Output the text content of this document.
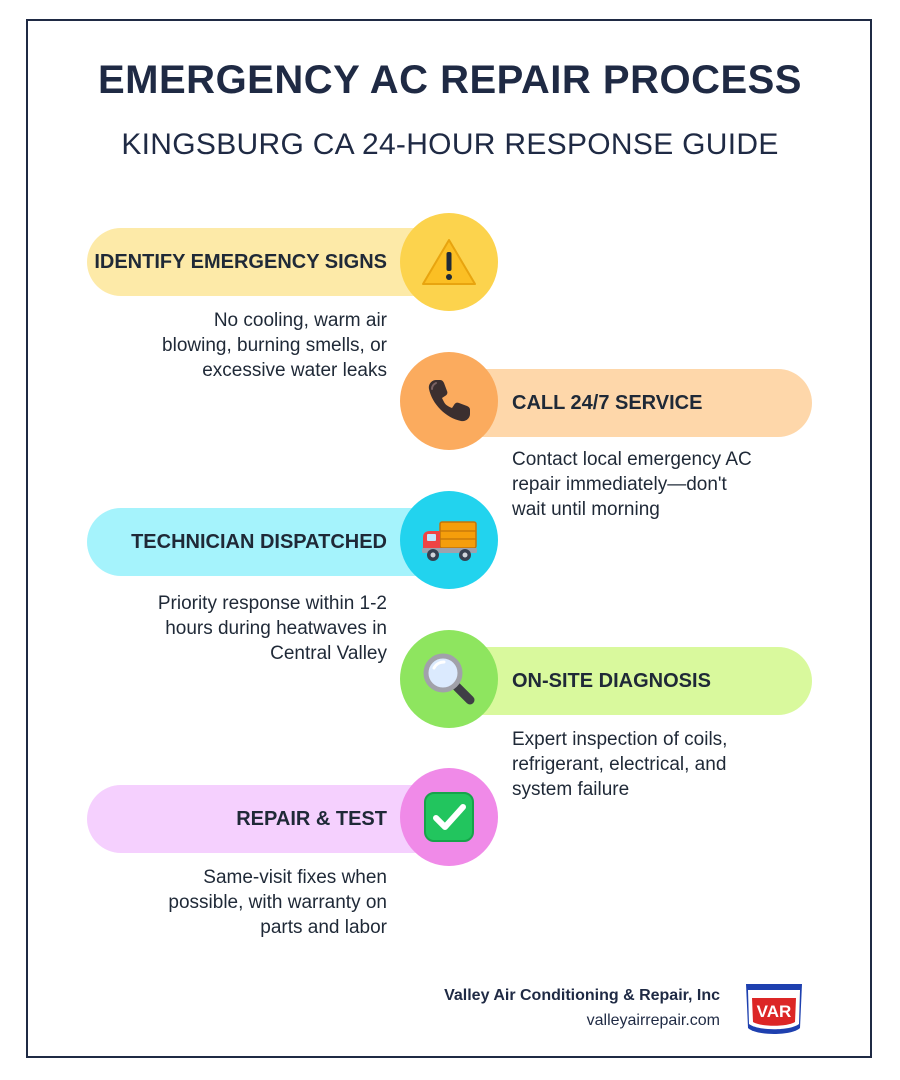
EMERGENCY AC REPAIR PROCESS
KINGSBURG CA 24-HOUR RESPONSE GUIDE
IDENTIFY EMERGENCY SIGNS
No cooling, warm air
blowing, burning smells, or
excessive water leaks
CALL 24/7 SERVICE
Contact local emergency AC
repair immediately—don't
wait until morning
TECHNICIAN DISPATCHED
Priority response within 1-2
hours during heatwaves in
Central Valley
ON-SITE DIAGNOSIS
Expert inspection of coils,
refrigerant, electrical, and
system failure
REPAIR & TEST
Same-visit fixes when
possible, with warranty on
parts and labor
Valley Air Conditioning & Repair, Inc
valleyairrepair.com VAR
